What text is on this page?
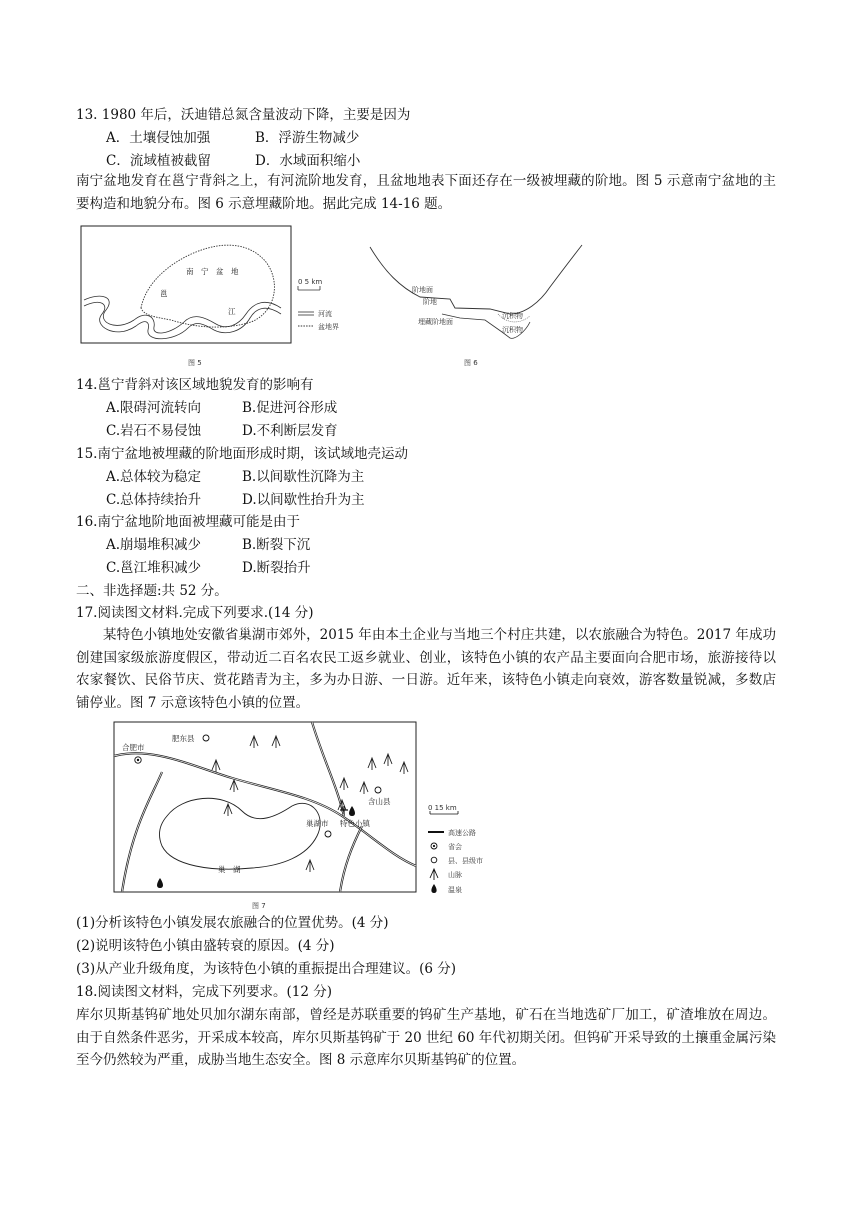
13. 1980 年后，沃迪错总氮含量波动下降，主要是因为
A．土壤侵蚀加强	B．浮游生物减少
C．流域植被截留	D．水域面积缩小
南宁盆地发育在邕宁背斜之上，有河流阶地发育，且盆地地表下面还存在一级被埋藏的阶地。图 5 示意南宁盆地的主要构造和地貌分布。图 6 示意埋藏阶地。据此完成 14-16 题。
南 宁 盆 地
邕
江
0 5 km
河流
盆地界
图 5
阶地面
阶地
埋藏阶地面
沉积物
沉积物
图 6
14.邕宁背斜对该区域地貌发育的影响有
A.限碍河流转向	B.促进河谷形成
C.岩石不易侵蚀	D.不利断层发育
15.南宁盆地被埋藏的阶地面形成时期，该试域地壳运动
A.总体较为稳定	B.以间歇性沉降为主
C.总体持续抬升	D.以间歇性抬升为主
16.南宁盆地阶地面被埋藏可能是由于
A.崩塌堆积减少	B.断裂下沉
C.邕江堆积减少	D.断裂抬升
二、非选择题:共 52 分。
17.阅读图文材料.完成下列要求.(14 分)
某特色小镇地处安徽省巢湖市郊外，2015 年由本土企业与当地三个村庄共建，以农旅融合为特色。2017 年成功创建国家级旅游度假区，带动近二百名农民工返乡就业、创业，该特色小镇的农产品主要面向合肥市场，旅游接待以农家餐饮、民俗节庆、赏花踏青为主，多为办日游、一日游。近年来，该特色小镇走向衰效，游客数量锐减，多数店铺停业。图 7 示意该特色小镇的位置。
合肥市
肥东县
含山县
巢湖市 特色小镇
巢　湖
0 15 km
高速公路
省会
县、县级市
山脉
温泉
图 7
(1)分析该特色小镇发展农旅融合的位置优势。(4 分)
(2)说明该特色小镇由盛转衰的原因。(4 分)
(3)从产业升级角度，为该特色小镇的重振提出合理建议。(6 分)
18.阅读图文材料，完成下列要求。(12 分)
库尔贝斯基钨矿地处贝加尔湖东南部，曾经是苏联重要的钨矿生产基地，矿石在当地选矿厂加工，矿渣堆放在周边。由于自然条件恶劣，开采成本较高，库尔贝斯基钨矿于 20 世纪 60 年代初期关闭。但钨矿开采导致的土攘重金属污染至今仍然较为严重，成胁当地生态安全。图 8 示意库尔贝斯基钨矿的位置。
